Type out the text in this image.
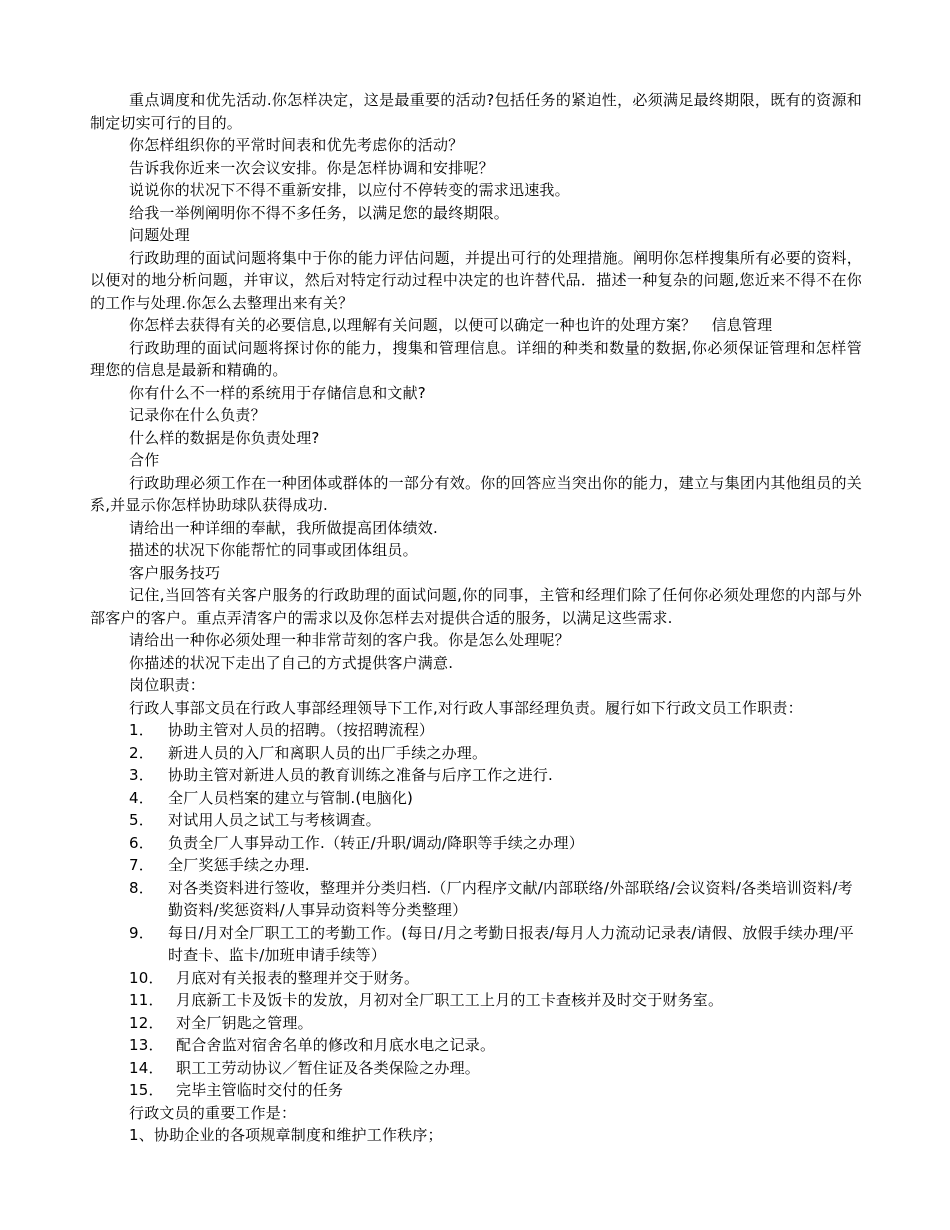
重点调度和优先活动.你怎样决定，这是最重要的活动?包括任务的紧迫性，必须满足最终期限，既有的资源和制定切实可行的目的。

你怎样组织你的平常时间表和优先考虑你的活动？

告诉我你近来一次会议安排。你是怎样协调和安排呢？

说说你的状况下不得不重新安排，以应付不停转变的需求迅速我。

给我一举例阐明你不得不多任务，以满足您的最终期限。

问题处理

行政助理的面试问题将集中于你的能力评估问题，并提出可行的处理措施。阐明你怎样搜集所有必要的资料，以便对的地分析问题，并审议，然后对特定行动过程中决定的也许替代品．描述一种复杂的问题,您近来不得不在你的工作与处理.你怎么去整理出来有关？

你怎样去获得有关的必要信息,以理解有关问题，以便可以确定一种也许的处理方案？　信息管理

行政助理的面试问题将探讨你的能力，搜集和管理信息。详细的种类和数量的数据,你必须保证管理和怎样管理您的信息是最新和精确的。

你有什么不一样的系统用于存储信息和文献?

记录你在什么负责？

什么样的数据是你负责处理?

合作

行政助理必须工作在一种团体或群体的一部分有效。你的回答应当突出你的能力，建立与集团内其他组员的关系,并显示你怎样协助球队获得成功.

请给出一种详细的奉献，我所做提高团体绩效.

描述的状况下你能帮忙的同事或团体组员。

客户服务技巧

记住,当回答有关客户服务的行政助理的面试问题,你的同事，主管和经理们除了任何你必须处理您的内部与外部客户的客户。重点弄清客户的需求以及你怎样去对提供合适的服务，以满足这些需求.

请给出一种你必须处理一种非常苛刻的客户我。你是怎么处理呢？

你描述的状况下走出了自己的方式提供客户满意.

岗位职责：

行政人事部文员在行政人事部经理领导下工作,对行政人事部经理负责。履行如下行政文员工作职责：

1． 协助主管对人员的招聘。（按招聘流程）
2． 新进人员的入厂和离职人员的出厂手续之办理。
3． 协助主管对新进人员的教育训练之准备与后序工作之进行.
4． 全厂人员档案的建立与管制.(电脑化)
5． 对试用人员之试工与考核调查。
6． 负责全厂人事异动工作.（转正/升职/调动/降职等手续之办理）
7． 全厂奖惩手续之办理.
8． 对各类资料进行签收，整理并分类归档.（厂内程序文献/内部联络/外部联络/会议资料/各类培训资料/考勤资料/奖惩资料/人事异动资料等分类整理）
9． 每日/月对全厂职工工的考勤工作。(每日/月之考勤日报表/每月人力流动记录表/请假、放假手续办理/平时查卡、监卡/加班申请手续等）
10． 月底对有关报表的整理并交于财务。
11． 月底新工卡及饭卡的发放，月初对全厂职工工上月的工卡查核并及时交于财务室。
12． 对全厂钥匙之管理。
13． 配合舍监对宿舍名单的修改和月底水电之记录。
14． 职工工劳动协议／暂住证及各类保险之办理。
15． 完毕主管临时交付的任务

行政文员的重要工作是：

1、协助企业的各项规章制度和维护工作秩序；
